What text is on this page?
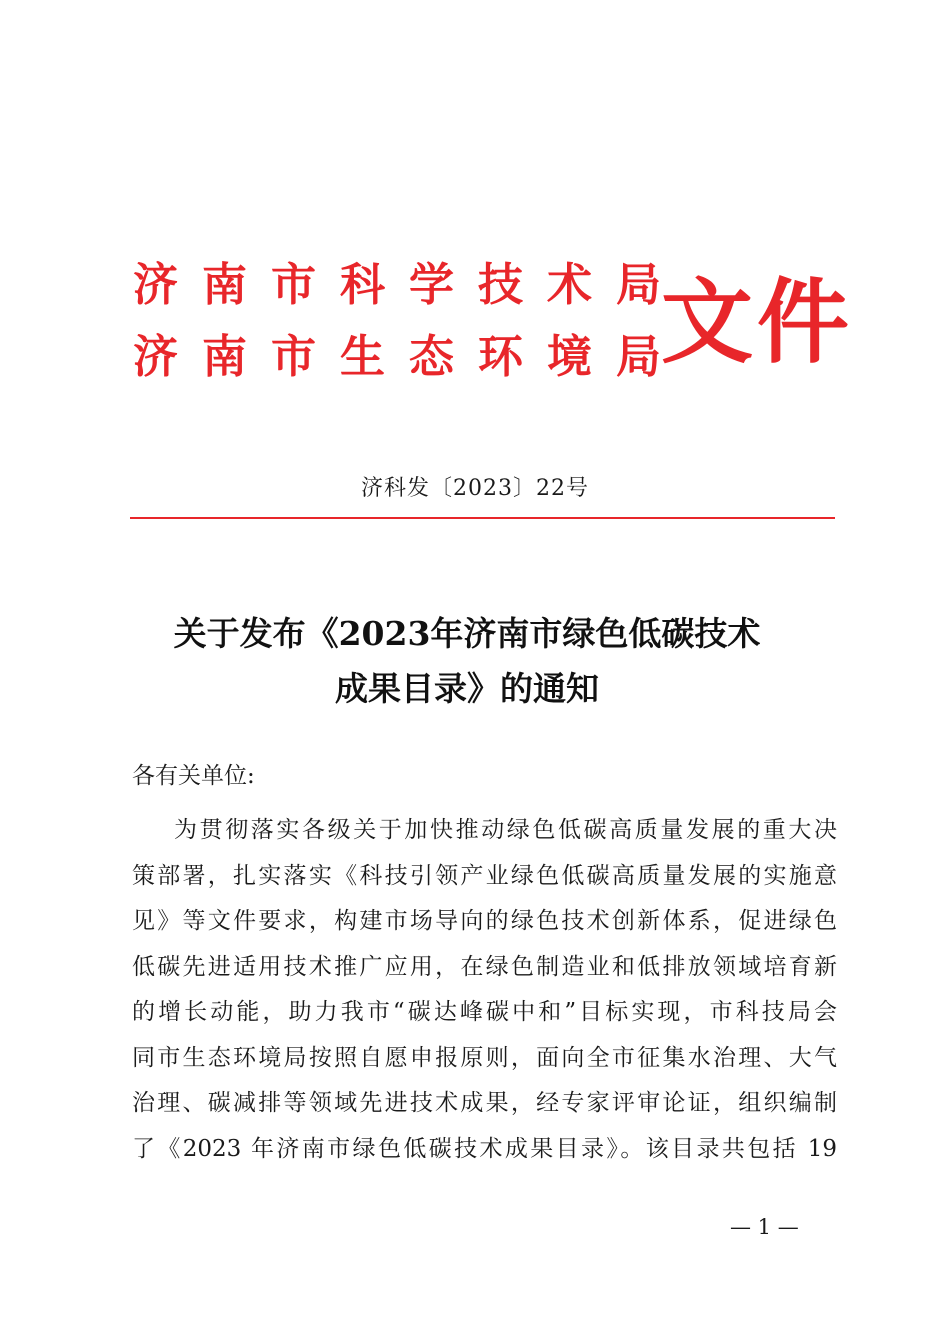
济南市科学技术局
济南市生态环境局
文件
济科发〔2023〕22号
关于发布《2023年济南市绿色低碳技术
成果目录》的通知
各有关单位:
为贯彻落实各级关于加快推动绿色低碳高质量发展的重大决
策部署，扎实落实《科技引领产业绿色低碳高质量发展的实施意
见》等文件要求，构建市场导向的绿色技术创新体系，促进绿色
低碳先进适用技术推广应用，在绿色制造业和低排放领域培育新
的增长动能，助力我市“碳达峰碳中和”目标实现，市科技局会
同市生态环境局按照自愿申报原则，面向全市征集水治理、大气
治理、碳减排等领域先进技术成果，经专家评审论证，组织编制
了《2023 年济南市绿色低碳技术成果目录》。该目录共包括 19
— 1 —
